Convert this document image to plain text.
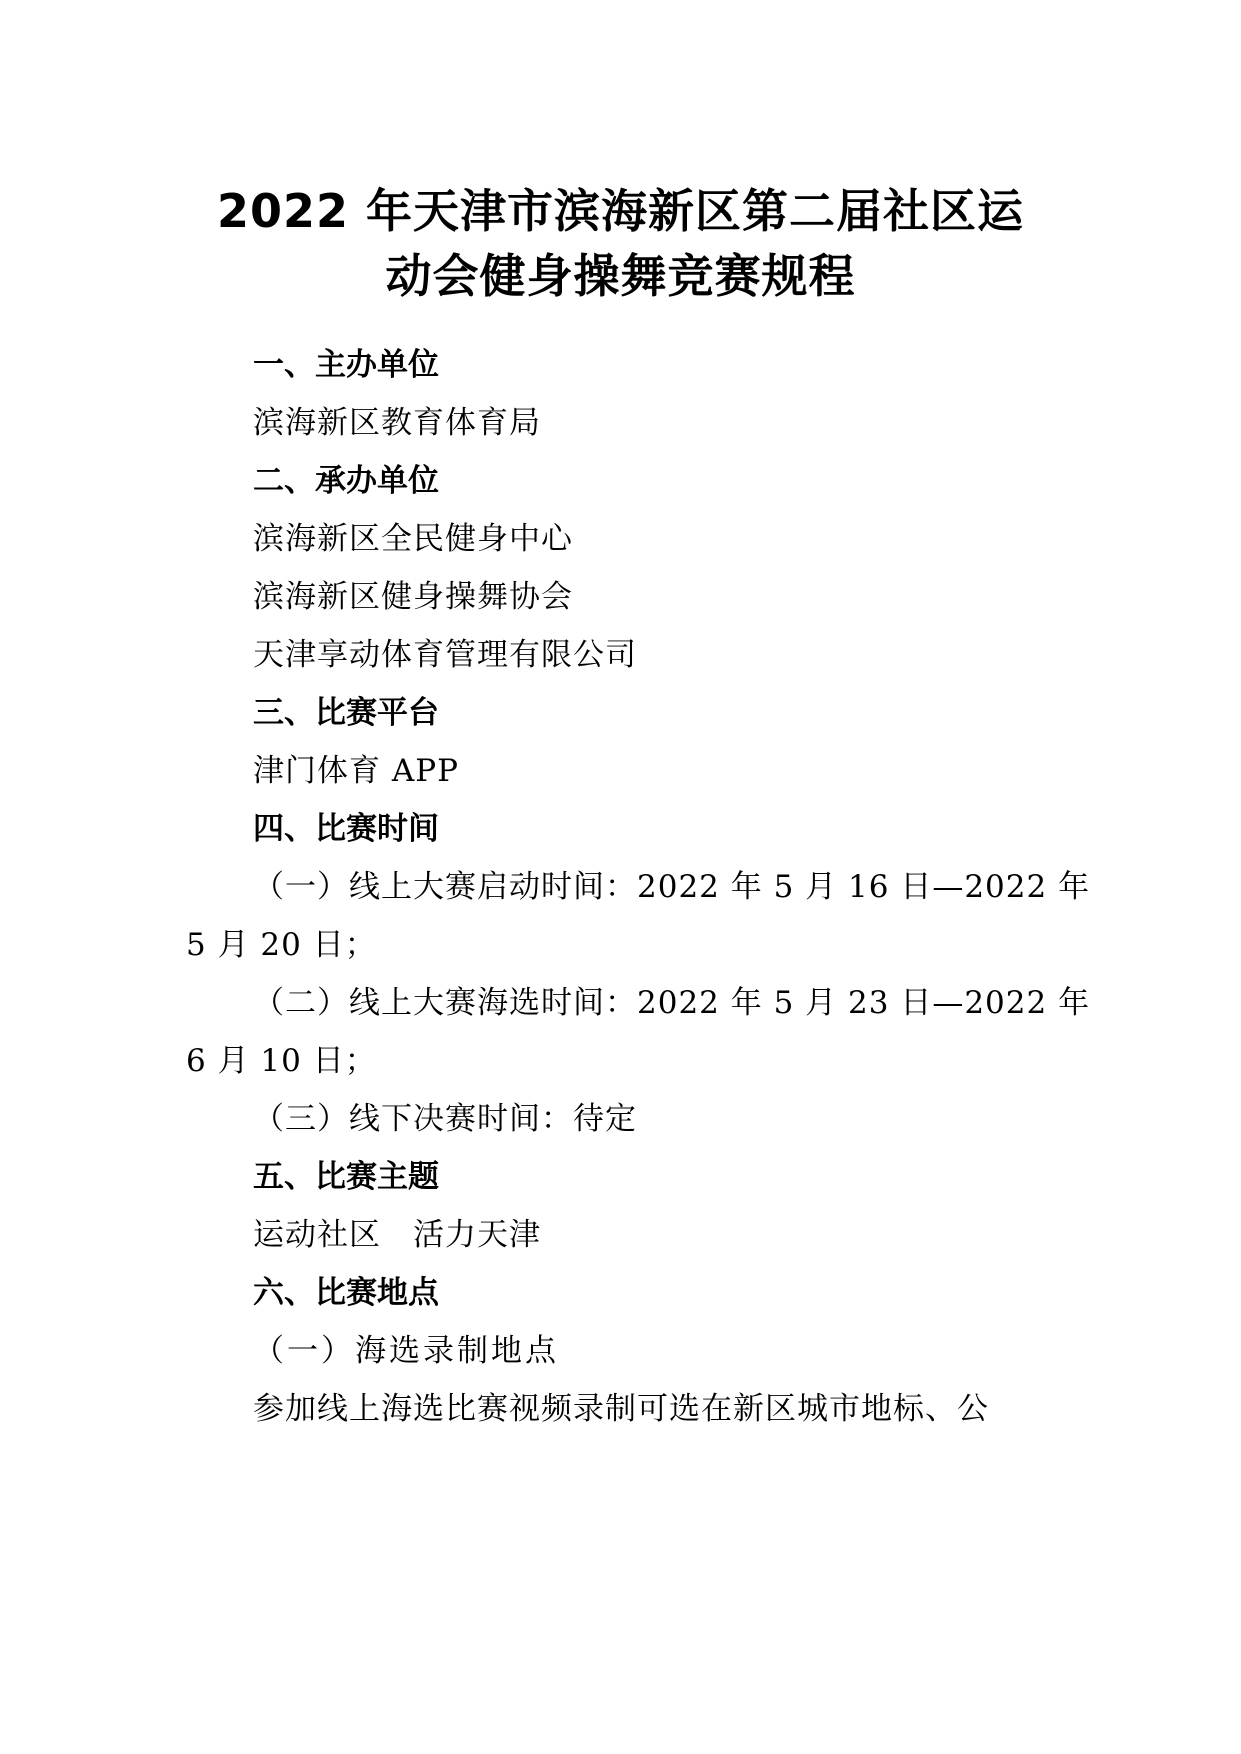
2022 年天津市滨海新区第二届社区运
动会健身操舞竞赛规程

一、主办单位

滨海新区教育体育局

二、承办单位

滨海新区全民健身中心

滨海新区健身操舞协会

天津享动体育管理有限公司

三、比赛平台

津门体育 APP

四、比赛时间

（一）线上大赛启动时间：2022 年 5 月 16 日—2022 年

5 月 20 日；

（二）线上大赛海选时间：2022 年 5 月 23 日—2022 年

6 月 10 日；

（三）线下决赛时间：待定

五、比赛主题

运动社区　活力天津

六、比赛地点

（一）海选录制地点

参加线上海选比赛视频录制可选在新区城市地标、公
